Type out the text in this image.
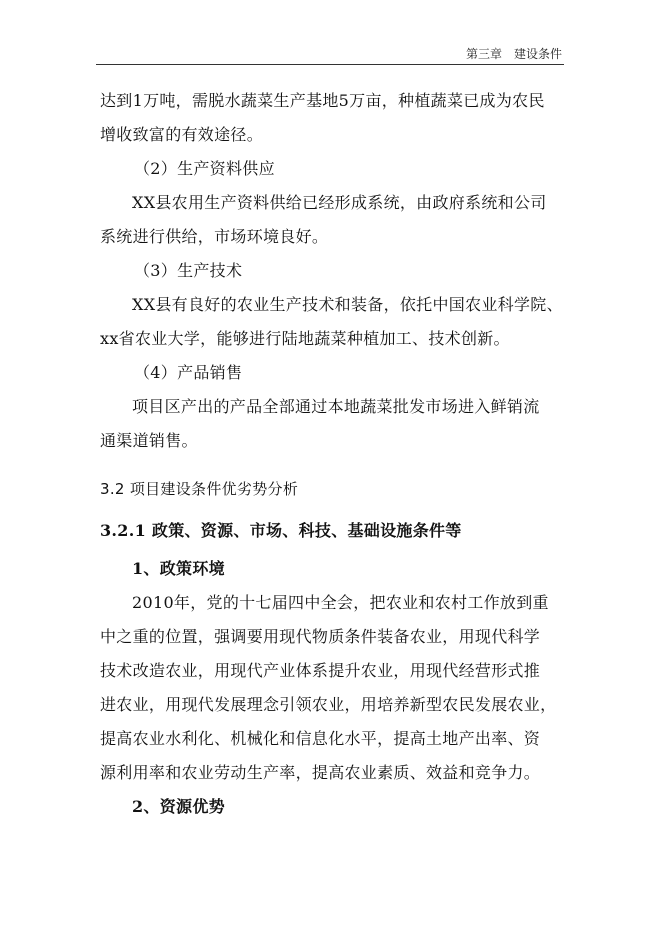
第三章　建设条件
达到1万吨，需脱水蔬菜生产基地5万亩，种植蔬菜已成为农民
增收致富的有效途径。
（2）生产资料供应
XX县农用生产资料供给已经形成系统，由政府系统和公司
系统进行供给，市场环境良好。
（3）生产技术
XX县有良好的农业生产技术和装备，依托中国农业科学院、
xx省农业大学，能够进行陆地蔬菜种植加工、技术创新。
（4）产品销售
项目区产出的产品全部通过本地蔬菜批发市场进入鲜销流
通渠道销售。
3.2 项目建设条件优劣势分析
3.2.1 政策、资源、市场、科技、基础设施条件等
1、政策环境
2010年，党的十七届四中全会，把农业和农村工作放到重
中之重的位置，强调要用现代物质条件装备农业，用现代科学
技术改造农业，用现代产业体系提升农业，用现代经营形式推
进农业，用现代发展理念引领农业，用培养新型农民发展农业，
提高农业水利化、机械化和信息化水平，提高土地产出率、资
源利用率和农业劳动生产率，提高农业素质、效益和竞争力。
2、资源优势
